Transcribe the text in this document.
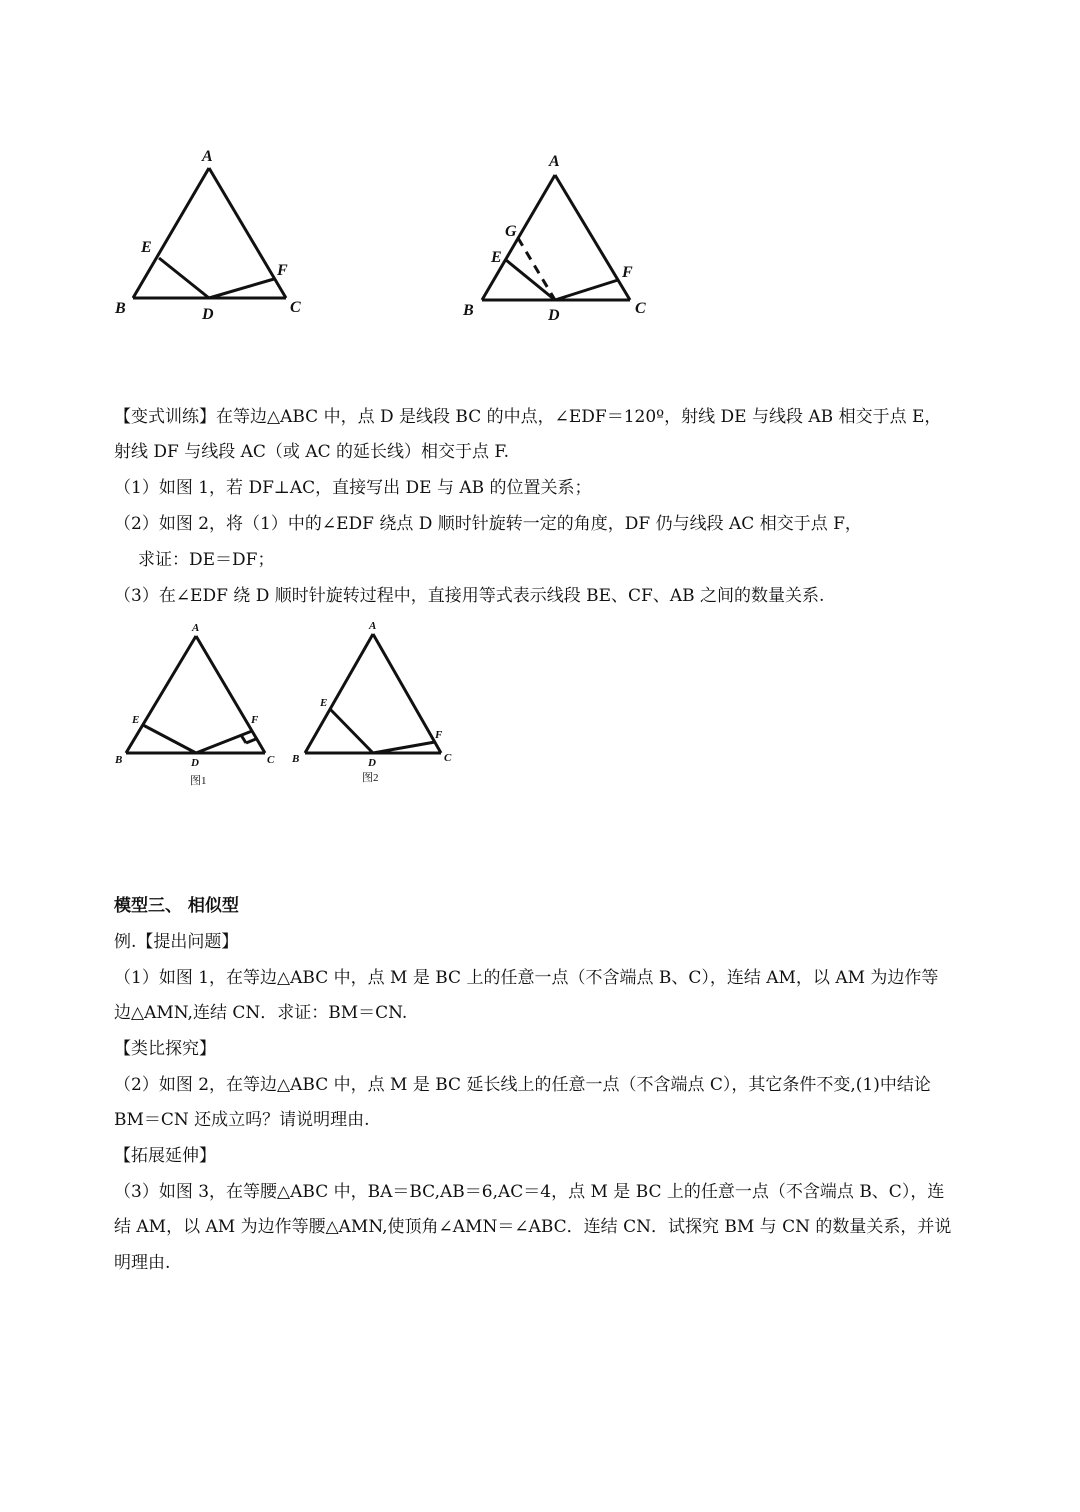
A
B	C
D
E
F
A
B	C
D
E
F
G
【变式训练】在等边△ABC 中，点 D 是线段 BC 的中点，∠EDF＝120º，射线 DE 与线段 AB 相交于点 E，
射线 DF 与线段 AC（或 AC 的延长线）相交于点 F.
（1）如图 1，若 DF⊥AC，直接写出 DE 与 AB 的位置关系；
（2）如图 2，将（1）中的∠EDF 绕点 D 顺时针旋转一定的角度，DF 仍与线段 AC 相交于点 F，
求证：DE＝DF；
（3）在∠EDF 绕 D 顺时针旋转过程中，直接用等式表示线段 BE、CF、AB 之间的数量关系.
A
B	C
D
E	F
图1
A
B	C
D
E
F
图2
模型三、 相似型
例.【提出问题】
（1）如图 1，在等边△ABC 中，点 M 是 BC 上的任意一点（不含端点 B、C），连结 AM，以 AM 为边作等
边△AMN,连结 CN．求证：BM＝CN.
【类比探究】
（2）如图 2，在等边△ABC 中，点 M 是 BC 延长线上的任意一点（不含端点 C），其它条件不变,(1)中结论
BM＝CN 还成立吗？请说明理由.
【拓展延伸】
（3）如图 3，在等腰△ABC 中，BA＝BC,AB＝6,AC＝4，点 M 是 BC 上的任意一点（不含端点 B、C），连
结 AM，以 AM 为边作等腰△AMN,使顶角∠AMN＝∠ABC．连结 CN．试探究 BM 与 CN 的数量关系，并说
明理由.
